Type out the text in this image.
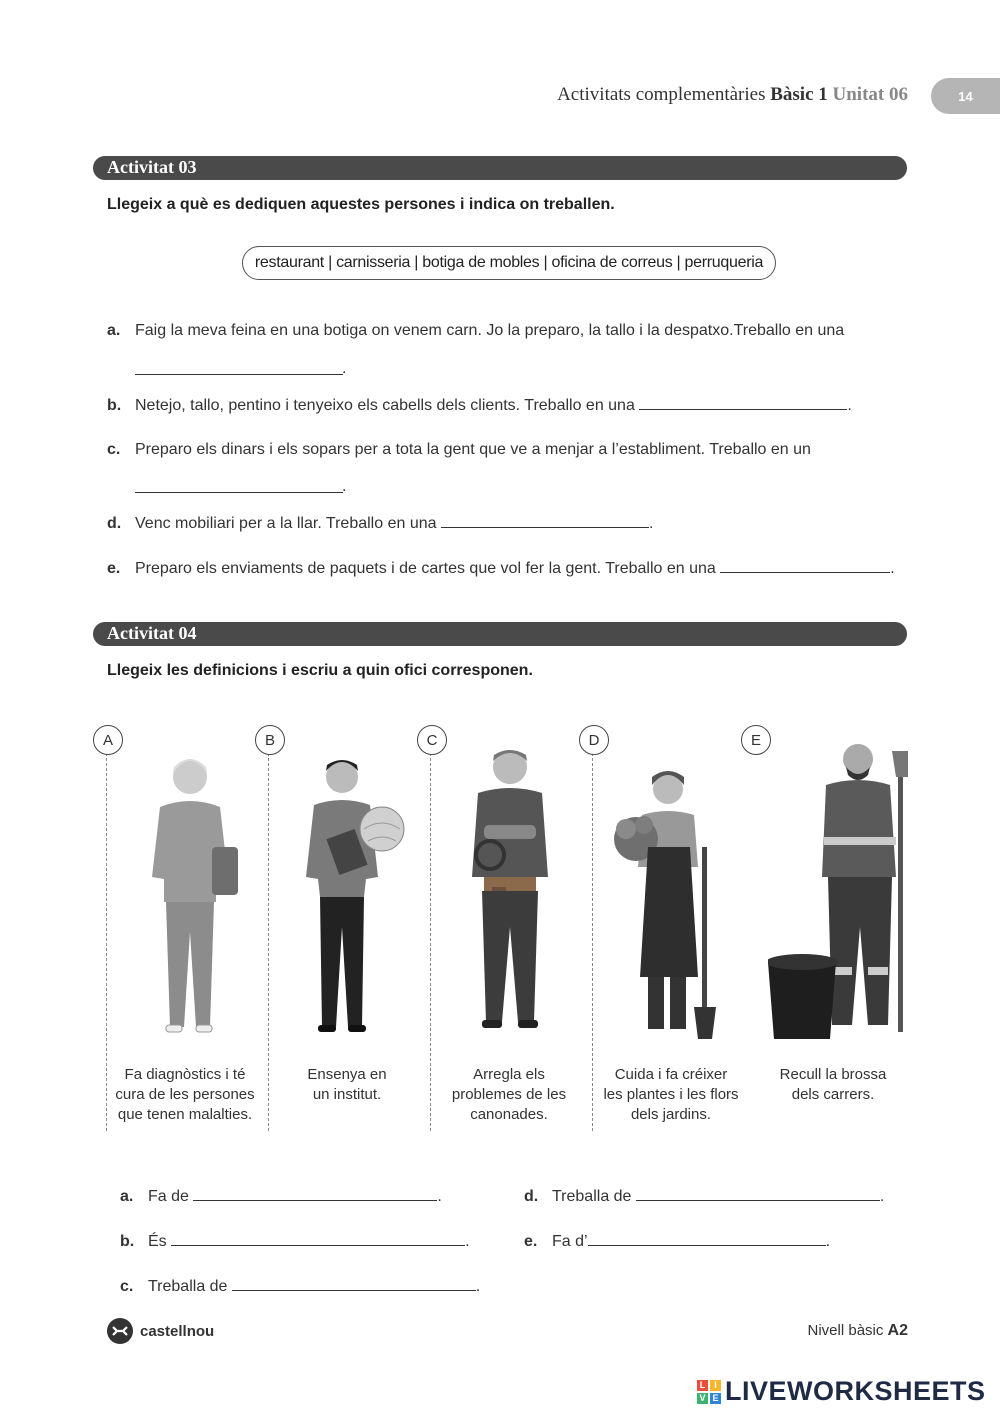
Activitats complementàries Bàsic 1 Unitat 06	14
Activitat 03
Llegeix a què es dediquen aquestes persones i indica on treballen.
restaurant | carnisseria | botiga de mobles | oficina de correus | perruqueria
a. Faig la meva feina en una botiga on venem carn. Jo la preparo, la tallo i la despatxo.Treballo en una
.
b. Netejo, tallo, pentino i tenyeixo els cabells dels clients. Treballo en una	.
c. Preparo els dinars i els sopars per a tota la gent que ve a menjar a l’establiment. Treballo en un
.
d. Venc mobiliari per a la llar. Treballo en una	.
e. Preparo els enviaments de paquets i de cartes que vol fer la gent. Treballo en una	.
Activitat 04
Llegeix les definicions i escriu a quin ofici corresponen.
A
Fa diagnòstics i té
cura de les persones
que tenen malalties.
B
Ensenya en
un institut.
C
Arregla els
problemes de les
canonades.
D
Cuida i fa créixer
les plantes i les flors
dels jardins.
E
Recull la brossa
dels carrers.
a. Fa de	.
b. És	.
c. Treballa de	.
d. Treballa de	.
e. Fa d’	.
castellnou	Nivell bàsic A2
L I
V E LIVEWORKSHEETS
